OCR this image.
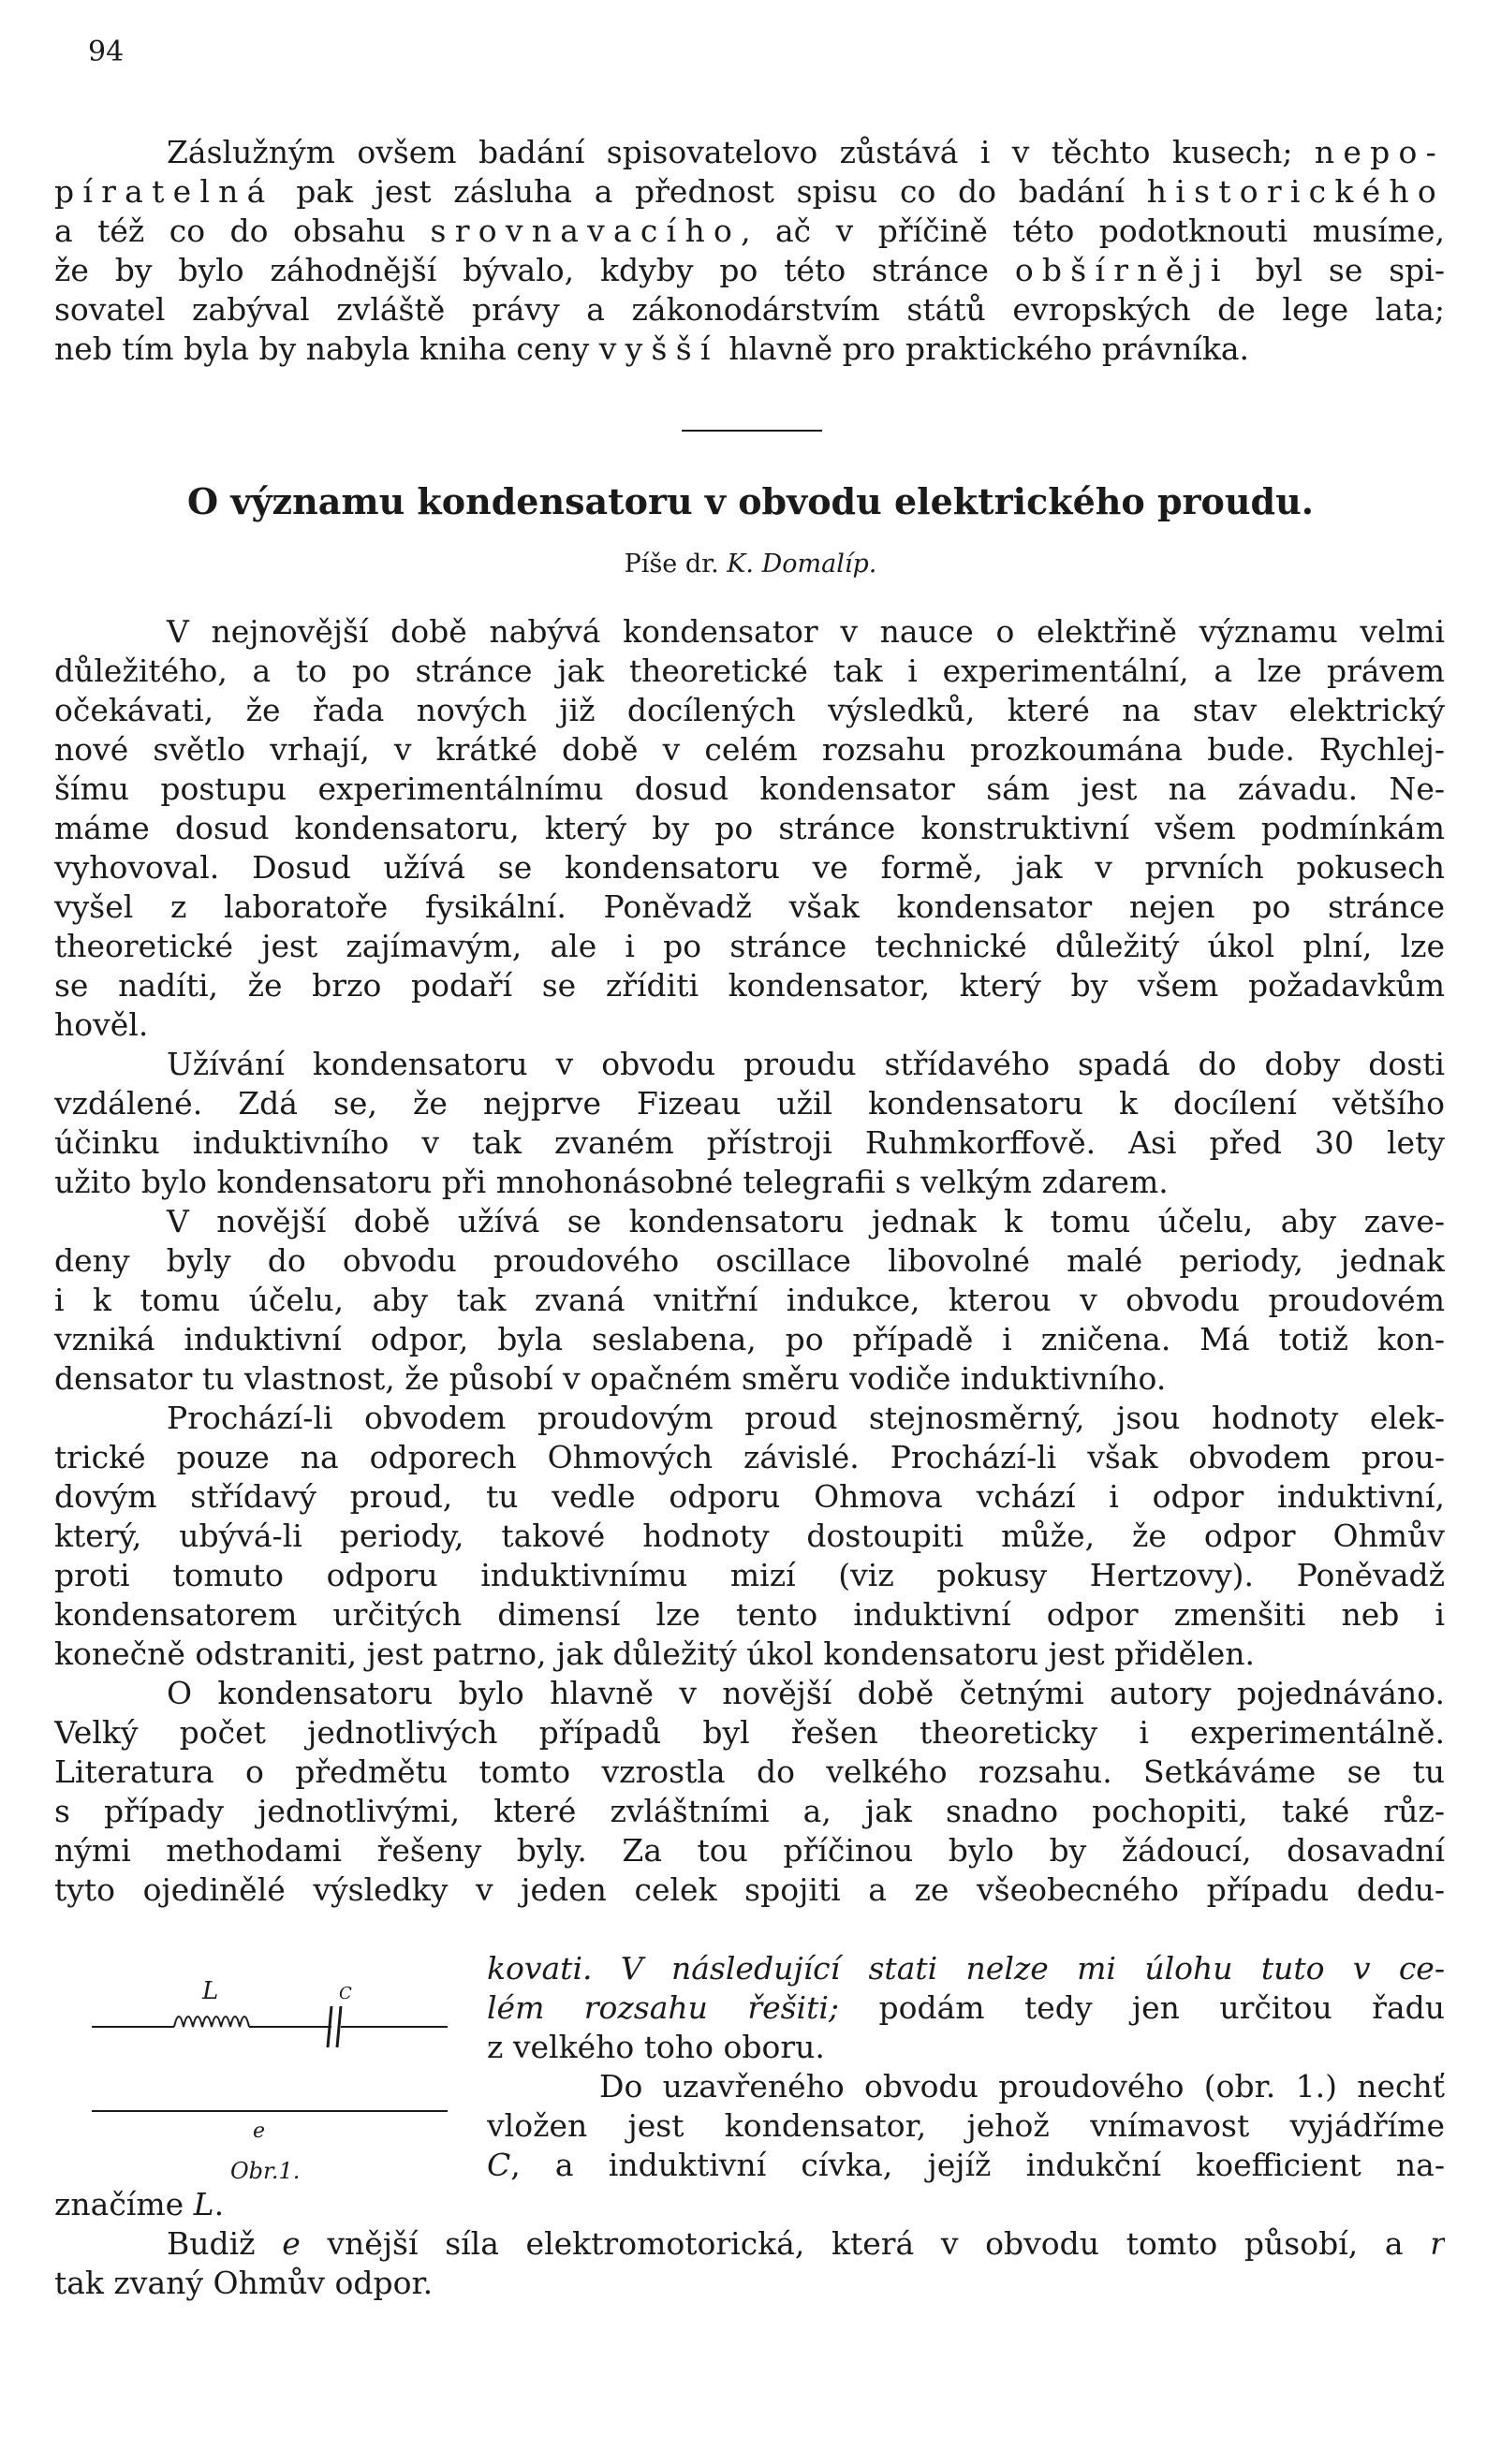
94
Záslužným ovšem badání spisovatelovo zůstává i v těchto kusech; nepo-
píratelná pak jest zásluha a přednost spisu co do badání historického
a též co do obsahu srovnavacího, ač v příčině této podotknouti musíme,
že by bylo záhodnější bývalo, kdyby po této stránce obšírněji byl se spi-
sovatel zabýval zvláště právy a zákonodárstvím států evropských de lege lata;
neb tím byla by nabyla kniha ceny vyšší hlavně pro praktického právníka.
O významu kondensatoru v obvodu elektrického proudu.
Píše dr. K. Domalíp.
V nejnovější době nabývá kondensator v nauce o elektřině významu velmi
důležitého, a to po stránce jak theoretické tak i experimentální, a lze právem
očekávati, že řada nových již docílených výsledků, které na stav elektrický
nové světlo vrhají, v krátké době v celém rozsahu prozkoumána bude. Rychlej-
šímu postupu experimentálnímu dosud kondensator sám jest na závadu. Ne-
máme dosud kondensatoru, který by po stránce konstruktivní všem podmínkám
vyhovoval. Dosud užívá se kondensatoru ve formě, jak v prvních pokusech
vyšel z laboratoře fysikální. Poněvadž však kondensator nejen po stránce
theoretické jest zajímavým, ale i po stránce technické důležitý úkol plní, lze
se nadíti, že brzo podaří se zříditi kondensator, který by všem požadavkům
hověl.
Užívání kondensatoru v obvodu proudu střídavého spadá do doby dosti
vzdálené. Zdá se, že nejprve Fizeau užil kondensatoru k docílení většího
účinku induktivního v tak zvaném přístroji Ruhmkorffově. Asi před 30 lety
užito bylo kondensatoru při mnohonásobné telegrafii s velkým zdarem.
V novější době užívá se kondensatoru jednak k tomu účelu, aby zave-
deny byly do obvodu proudového oscillace libovolné malé periody, jednak
i k tomu účelu, aby tak zvaná vnitřní indukce, kterou v obvodu proudovém
vzniká induktivní odpor, byla seslabena, po případě i zničena. Má totiž kon-
densator tu vlastnost, že působí v opačném směru vodiče induktivního.
Prochází-li obvodem proudovým proud stejnosměrný, jsou hodnoty elek-
trické pouze na odporech Ohmových závislé. Prochází-li však obvodem prou-
dovým střídavý proud, tu vedle odporu Ohmova vchází i odpor induktivní,
který, ubývá-li periody, takové hodnoty dostoupiti může, že odpor Ohmův
proti tomuto odporu induktivnímu mizí (viz pokusy Hertzovy). Poněvadž
kondensatorem určitých dimensí lze tento induktivní odpor zmenšiti neb i
konečně odstraniti, jest patrno, jak důležitý úkol kondensatoru jest přidělen.
O kondensatoru bylo hlavně v novější době četnými autory pojednáváno.
Velký počet jednotlivých případů byl řešen theoreticky i experimentálně.
Literatura o předmětu tomto vzrostla do velkého rozsahu. Setkáváme se tu
s případy jednotlivými, které zvláštními a, jak snadno pochopiti, také růz-
nými methodami řešeny byly. Za tou příčinou bylo by žádoucí, dosavadní
tyto ojedinělé výsledky v jeden celek spojiti a ze všeobecného případu dedu-
L	C
e
Obr.1.
kovati. V následující stati nelze mi úlohu tuto v ce-
lém rozsahu řešiti; podám tedy jen určitou řadu
z velkého toho oboru.
Do uzavřeného obvodu proudového (obr. 1.) nechť
vložen jest kondensator, jehož vnímavost vyjádříme
C, a induktivní cívka, jejíž indukční koefficient na-
značíme L.
Budiž e vnější síla elektromotorická, která v obvodu tomto působí, a r
tak zvaný Ohmův odpor.
